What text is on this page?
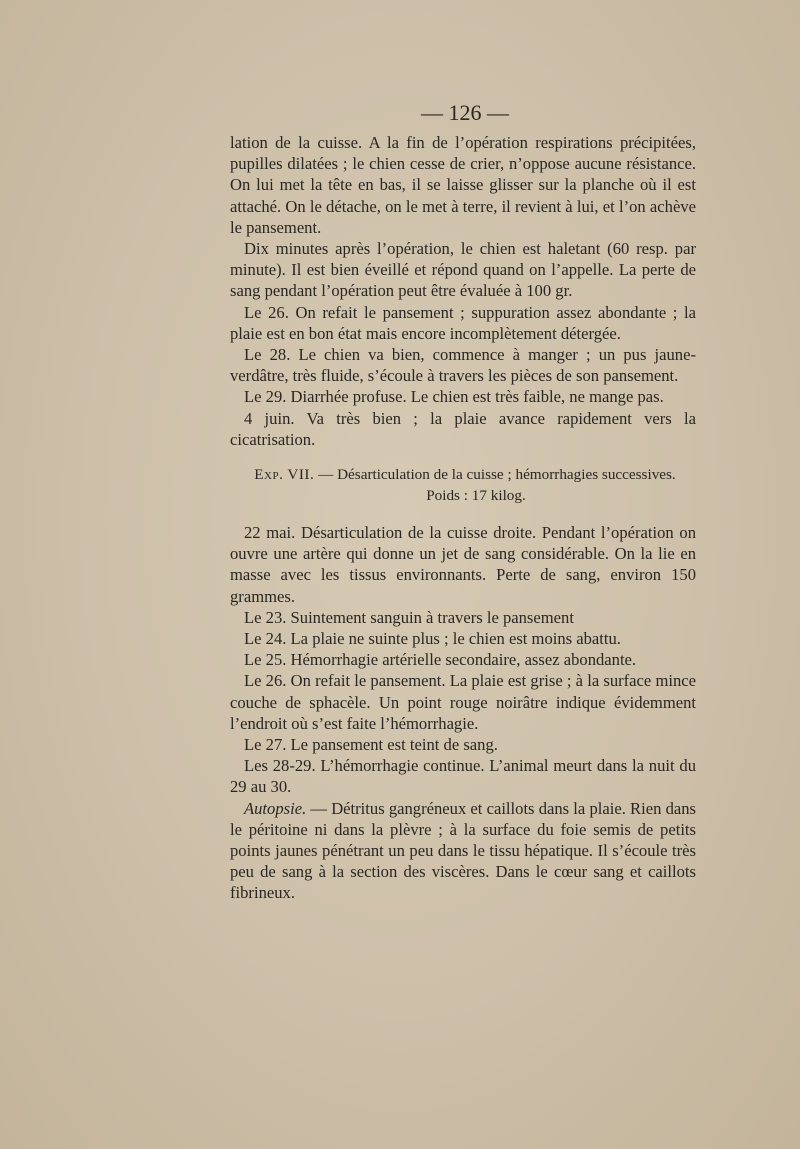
— 126 —

lation de la cuisse. A la fin de l’opération respirations précipitées, pupilles dilatées ; le chien cesse de crier, n’oppose aucune résistance. On lui met la tête en bas, il se laisse glisser sur la planche où il est attaché. On le détache, on le met à terre, il revient à lui, et l’on achève le pansement.

Dix minutes après l’opération, le chien est haletant (60 resp. par minute). Il est bien éveillé et répond quand on l’appelle. La perte de sang pendant l’opération peut être évaluée à 100 gr.

Le 26. On refait le pansement ; suppuration assez abondante ; la plaie est en bon état mais encore incomplètement détergée.

Le 28. Le chien va bien, commence à manger ; un pus jaune-verdâtre, très fluide, s’écoule à travers les pièces de son pansement.

Le 29. Diarrhée profuse. Le chien est très faible, ne mange pas.

4 juin. Va très bien ; la plaie avance rapidement vers la cicatrisation.

Exp. VII. — Désarticulation de la cuisse ; hémorrhagies successives.
Poids : 17 kilog.

22 mai. Désarticulation de la cuisse droite. Pendant l’opération on ouvre une artère qui donne un jet de sang considérable. On la lie en masse avec les tissus environnants. Perte de sang, environ 150 grammes.

Le 23. Suintement sanguin à travers le pansement

Le 24. La plaie ne suinte plus ; le chien est moins abattu.

Le 25. Hémorrhagie artérielle secondaire, assez abondante.

Le 26. On refait le pansement. La plaie est grise ; à la surface mince couche de sphacèle. Un point rouge noirâtre indique évidemment l’endroit où s’est faite l’hémorrhagie.

Le 27. Le pansement est teint de sang.

Les 28-29. L’hémorrhagie continue. L’animal meurt dans la nuit du 29 au 30.

Autopsie. — Détritus gangréneux et caillots dans la plaie. Rien dans le péritoine ni dans la plèvre ; à la surface du foie semis de petits points jaunes pénétrant un peu dans le tissu hépatique. Il s’écoule très peu de sang à la section des viscères. Dans le cœur sang et caillots fibrineux.
